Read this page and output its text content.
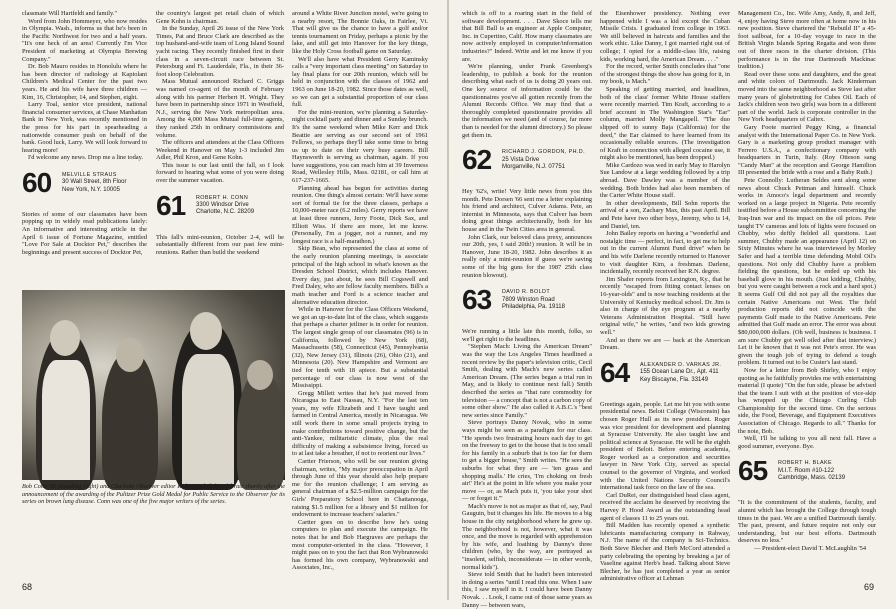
classmate Will Hartfeldt and family."

Word from John Hommeyer, who now resides in Olympia. Wash., informs us that he's been in the Pacific Northwest for two and a half years. "It's one heck of an area! Currently I'm Vice President of marketing at Olympia Brewing Company."

Dr. Bob Mauro resides in Honolulu where he has been director of radiology at Kapiolani Children's Medical Center for the past two years. He and his wife have three children — Kim, 16, Christopher, 14, and Stephen, eight.

Larry Toal, senior vice president, national financial consumer services, at Chase Manhattan Bank in New York, was recently mentioned in the press for his part in spearheading a nationwide consumer push on behalf of the bank. Good luck, Larry. We will look forward to hearing more!

I'd welcome any news. Drop me a line today.

60 MELVILLE STRAUS
30 Wall Street, 8th Floor
New York, N.Y. 10005

Stories of some of our classmates have been popping up in widely read publications lately: An informative and interesting article in the April 6 issue of Fortune Magazine, entitled "Love For Sale at Docktor Pet," describes the beginnings and present success of Docktor Pet,

the country's largest pet retail chain of which Gene Kohn is chairman.

In the Sunday, April 26 issue of the New York Times, Pat and Bruce Clark are described as the top husband-and-wife team of Long Island Sound yacht racing. They recently finished first in their class in a seven-circuit race between St. Petersburg and Ft. Lauderdale, Fla., in their 36-foot sloop Celebration.

Mass Mutual announced Richard C. Griggs was named co-agent of the month of February along with his partner Herbert H. Wright. They have been in partnership since 1971 in Westfield, N.J., serving the New York metropolitan area. Among the 4,000 Mass Mutual full-time agents, they ranked 25th in ordinary commissions and volume.

The officers and attendees at the Class Officers Weekend in Hanover on May 1-3 included Jim Adler, Phil Kron, and Gene Kohn.

This issue is our last until the fall, so I look forward to hearing what some of you were doing over the summer vacation.

61 ROBERT H. CONN
3300 Windsor Drive
Charlotte, N.C. 28209

This fall's mini-reunion, October 2-4, will be substantially different from our past few mini-reunions. Rather than build the weekend

around a White River Junction motel, we're going to a nearby resort, The Bonnie Oaks, in Fairlee, Vt. That will give us the chance to have a golf and/or tennis tournament on Friday, perhaps a picnic by the lake, and still get into Hanover for the key things, like the Holy Cross football game on Saturday.

We'll also have what President Gerry Kaminsky calls a "very important class meeting" on Saturday to lay final plans for our 20th reunion, which will be held in conjunction with the classes of 1962 and 1963 on June 18-20, 1982. Since those dates as well, so we can get a substantial proportion of our class full.

For the mini-reunion, we're planning a Saturday-night cocktail party and dinner and a Sunday brunch. It's the same weekend when Mike Kerr and Dick Beattie are serving as our second set of 1961 Fellows, so perhaps they'll take some time to bring us up to date on their very busy careers. Bill Haynsworth is serving as chairman, again. If you have suggestions, you can reach him at 39 Inverness Road, Wellesley Hills, Mass. 02181, or call him at 617-237-1665.

Planning ahead has begun for activities during reunion. One thing's almost certain: We'll have some sort of formal tie for the three classes, perhaps a 10,000-meter race (6.2 miles). Gerry reports we have at least three runners, Jerry Foote, Dick Sax, and Elliott Wiss. If there are more, let me know. (Personally, I'm a jogger, not a runner, and my longest race is a half-marathon.)

Skip Bean, who represented the class at some of the early reunion planning meetings, is associate principal of the high school in what's known as the Dresden School District, which includes Hanover. Every day, just about, he sees Bill Cogswell and Fred Daley, who are fellow faculty members. Bill's a math teacher and Ford is a science teacher and alternative education director.

While in Hanover for the Class Officers Weekend, we got an up-to-date list of the class, which suggests that perhaps a charter jetliner is in order for reunion. The largest single group of our classmates (96) is in California, followed by New York (68), Massachusetts (58), Connecticut (45), Pennsylvania (32), New Jersey (31), Illinois (26), Ohio (21), and Minnesota (20). New Hampshire and Vermont are tied for tenth with 18 apiece. But a substantial percentage of our class is now west of the Mississippi.

Gregg Millett writes that he's just moved from Nicaragua to East Nassau, N.Y. "For the last ten years, my wife Elizabeth and I have taught and farmed in Central America, mostly in Nicaragua. We still work there in some small projects trying to make contributions toward positive change, but the anti-Yankee, militaristic climate, plus the real difficulty of making a subsistence living, forced us to at last take a breather, if not to reorient our lives."

Cartter Frierson, who will be our reunion giving chairman, writes, "My major preoccupation in April through June of this year should also help prepare me for the reunion challenge; I am serving as general chairman of a $2.5-million campaign for the Girls' Preparatory School here in Chattanooga, raising $1.5 million for a library and $1 million for endowment to increase teachers' salaries."

Cartter goes on to describe how he's using computers to plan and execute the campaign. He notes that he and Bob Hargraves are perhaps the most computer-oriented in the class. "However, I might pass on to you the fact that Ron Wybranowski has formed his own company, Wybranowski and Associates, Inc.,

Bob Conn '61 (standing, right) and Charlotte Observer editor Rich Oppel (left) celebrate shortly after the announcement of the awarding of the Pulitzer Prize Gold Medal for Public Service to the Observer for its series on brown lung disease. Conn was one of the five major writers of the series.
68

which is off to a roaring start in the field of software development. . . . Dave Skoce tells me that Bill Ball is an engineer at Apple Computer, Inc. in Cupertino, Calif. How many classmates are now actively employed in computer/information industries?" Indeed. Write and let me know if you are.

We're planning, under Frank Greenberg's leadership, to publish a book for the reunion describing what each of us is doing 20 years out. One key source of information could be the questionnaires you've all gotten recently from the Alumni Records Office. We may find that a thoroughly completed questionnaire provides all the information we need (and of course, far more than is needed for the alumni directory.) So please get them in.

62 RICHARD J. GORDON, PH.D.
25 Vista Drive
Morganville, N.J. 07751

Hey '62's, write! Very little news from you this month. Pete Dorsen '66 sent me a letter explaining his friend and architect, Culver Adams. Pete, an internist in Minnesota, says that Culver has been doing great things architecturally, both for his house and in the Twin Cities area in general.

John Clark, our beloved class prexy, announces our 20th, yes, I said 20th!) reunion. It will be in Hanover, June 18-20, 1982. John describes it as really only a mini-reunion if guess we're saving some of the big guns for the 1987 25th class reunion blowout).

63 DAVID R. BOLDT
7809 Winston Road
Philadelphia, Pa. 19118

We're running a little late this month, folks, so we'll get right to the headlines.

"Stephen Mach: Living the American Dream" was the way the Los Angeles Times headlined a recent review by the paper's television critic, Cecil Smith, dealing with Mach's new series called American Dream. (The series began a trial run in May, and is likely to continue next fall.) Smith described the series as "that rare commodity for television — a concept that is not a carbon copy of some other show." He also called it A.B.C.'s "best new series since Family."

Steve portrays Danny Novak, who in some ways might be seen as a paradigm for our class. "He spends two frustrating hours each day to get on the freeway to get to the house that is too small for his family in a suburb that is too far for them to get a bigger house," Smith writes. "He sees the suburbs for what they are — 'ten grass and shopping malls.' He cries, 'I'm choking on fresh air!' He's at the point in life where you make your move — or, as Mach puts it, 'you take your shot — or forget it.'"

Mach's move is not as major as that of, say, Paul Gauguin, but it changes his life. He moves to a big house in the city neighborhood where he grew up. The neighborhood is not, however, what it was once, and the move is regarded with apprehension by his wife, and loathing by Danny's three children (who, by the way, are portrayed as "insolent, selfish, inconsiderate — in other words, normal kids").

Steve told Smith that he hadn't been interested in doing a series "until I read this one. When I saw this, I saw myself in it. I could have been Danny Novak. . . Look, I came out of those same years as Danny — between wars,

the Eisenhower presidency. Nothing ever happened while I was a kid except the Cuban Missile Crisis. I graduated from college in 1963. We still believed in haircuts and families and the work ethic. Like Danny, I got married right out of college; I opted for a middle-class life, raising kids, working hard, the American Dream. . . ."

For the record, writer Smith concludes that "one of the strongest things the show has going for it, in my book, is Mach."

Speaking of getting married, and headlines, both of the class' former White House staffers were recently married. Tim Kraft, according to a brief account in The Washington Star's "Ear" column, married Molly Mangapell. "The duo slipped off to sunny Baja (California) for the deed," the Ear claimed to have learned from its occasionally reliable sources. (The investigation of Kraft in connection with alleged cocaine use, it might also be mentioned, has been dropped.)

Mike Cardozo was wed in early May to Harolyn Sue Landow at a large wedding followed by a trip abroad. Dave Dawley was a member of the wedding. Both brides had also been members of the Carter White House staff.

In other developments, Bill Sohn reports the arrival of a son, Zachary Max, this past April. Bill and Pete have two other boys, Jeremy, who is 14, and Daniel, ten.

John Bailey reports on having a "wonderful and nostalgic time — perfect, in fact, to get me to help out in the current Alumni Fund drive" when he and his wife Darlene recently returned to Hanover to visit daughter Kim, a freshman. Darlene, incidentally, recently received her R.N. degree.

Jim Shafer reports from Lexington, Ky., that he recently "escaped from fitting contact lenses on 16-year-olds" and is now teaching residents at the University of Kentucky medical school. Dr. Jim is also in charge of the eye program at a nearby Veterans Administration Hospital. "Still have original wife," he writes, "and two kids growing well."

And so there we are — back at the American Dream.

64 ALEXANDER D. VARKAS JR.
155 Ocean Lane Dr., Apt. 411
Key Biscayne, Fla. 33149

Greetings again, people. Let me hit you with some presidential news. Beloit College (Wisconsin) has chosen Roger Hull as its new president. Roger was vice president for development and planning at Syracuse University. He also taught law and political science at Syracuse. He will be the eighth president of Beloit. Before entering academia, Roger worked as a corporation and securities lawyer in New York City, served as special counsel to the governor of Virginia, and worked with the United Nations Security Council's international task force on the law of the sea.

Carl DuRei, our distinguished head class agent, received the acclaim he deserved by receiving the Harvey P. Hood Award as the outstanding head agent of classes 11 to 25 years out.

Bill Madden has recently opened a synthetic lubricants manufacturing company in Rahway, N.J. The name of the company is Sci-Technics. Both Steve Blecher and Herb McCord attended a party celebrating the opening by breaking a jar of Vaseline against Herb's head. Talking about Steve Blecher, he has just completed a year as senior administrative officer at Lehman

Management Co., Inc. Wife Amy, Andy, 8, and Jeff, 4, enjoy having Steve more often at home now in his new position. Steve chartered the "Rebuild II" a 45-foot sailboat, for a 10-day voyage to race in the British Virgin Islands Spring Regatta and won three out of three races in the charter division. (This performance is in the true Dartmouth Mackinac tradition.)

Read over these sons and daughters, and the great and white colors of Dartmouth. Jack Kinderman moved into the same neighborhood as Steve last after many years of globetrotting for Cubes Oil. Each of Jack's children won two girls) was born in a different part of the world. Jack is corporate controller in the New York headquarters of Caltex.

Gary Foote married Peggy King, a financial analyst with the International Paper Co. in New York. Gary is a marketing group product manager with Ferrero U.S.A., a confectionary company with headquarters in Turin, Italy. (Roy Otteson sang "Candy Man" at the reception and George Hamilton III presented the bride with a rose and a Baby Ruth.)

Pete Connolly: Lutheran Seldes sent along some news about Chuck Pettman and himself. Chuck works in Amoco's legal department and recently worked on a large project in Nigeria. Pete recently testified before a House subcommittee concerning the Iraq-Iran war and its impact on the oil prices. Pete taught TV cameras and lots of lights were focused on Chubby, who deftly fielded all questions. Last summer, Chubby made an appearance (April 12) on Sixty Minutes where he was interviewed by Morley Safer and had a terrible time defending Mobil Oil's questions. Not only did Chubby have a problem fielding the questions, but he ended up with his baseball glove in his mouth. (Just kidding, Chubby, but you were caught between a rock and a hard spot.) It seems Gulf Oil did not pay all the royalties due certain Native Americans out West. The field production reports did not coincide with the payments Gulf made to the Native Americans. Pete admitted that Gulf made an error. The error was about $80,000,000 dollars. (Oh well, business is business. I am sure Chubby got well oiled after that interview.) Let it be known that it was not Pete's error. He was given the tough job of trying to defend a tough problem. It turned out to be Custer's last stand.

Now for a letter from Bob Shirley, who I enjoy quoting as he faithfully provides me with entertaining material (I quote) "On the fun side, please be advised that the team I suit with at the position of vice-skip has wrapped up the Chicago Curling Club Championship for the second time. On the serious side, the Food, Beverage, and Equipment Executives Association of Chicago. Regards to all." Thanks for the note, Bob.

Well, I'll be talking to you all next fall. Have a good summer, everyone. Bye.

65 ROBERT H. BLAKE
M.I.T. Room #10-122
Cambridge, Mass. 02139

"It is the commitment of the students, faculty, and alumni which has brought the College through tough times in the past. We are a unified Dartmouth family. The past, present, and future require not only our understanding, but our best efforts. Dartmouth deserves no less."

— President-elect David T. McLaughlin '54

69
